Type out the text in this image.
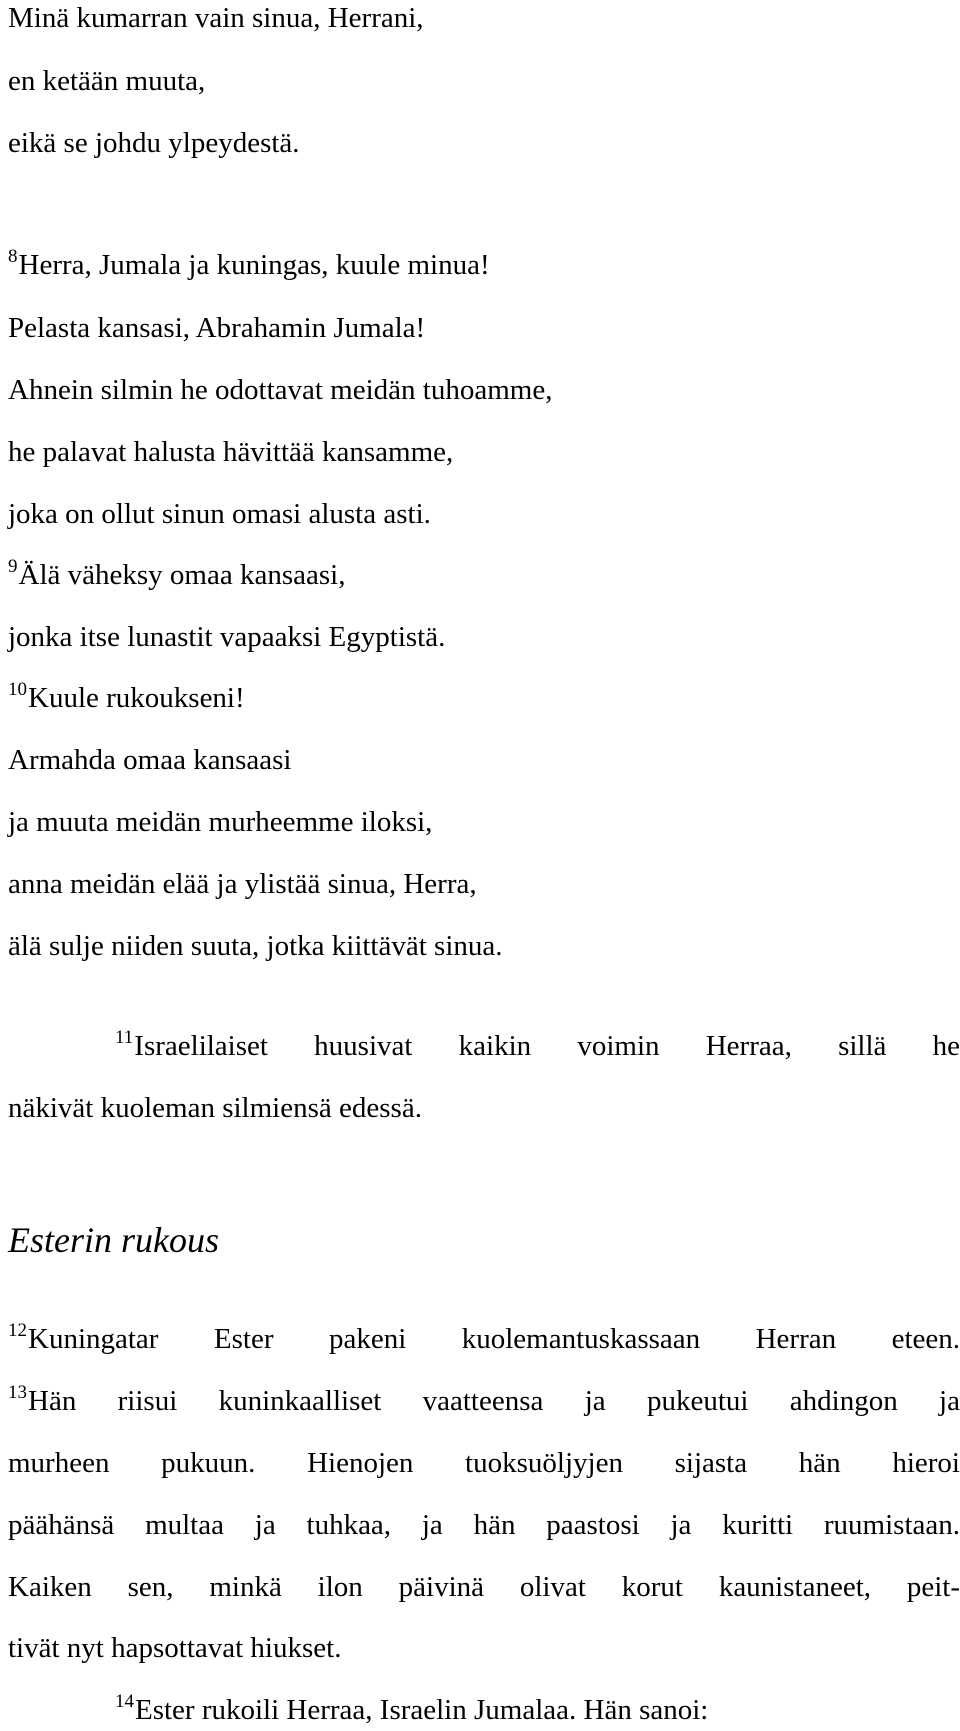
Minä kumarran vain sinua, Herrani,
en ketään muuta,
eikä se johdu ylpeydestä.
$^8$Herra, Jumala ja kuningas, kuule minua!
Pelasta kansasi, Abrahamin Jumala!
Ahnein silmin he odottavat meidän tuhoamme,
he palavat halusta hävittää kansamme,
joka on ollut sinun omasi alusta asti.
$^9$Älä väheksy omaa kansaasi,
jonka itse lunastit vapaaksi Egyptistä.
$^{10}$Kuule rukoukseni!
Armahda omaa kansaasi
ja muuta meidän murheemme iloksi,
anna meidän elää ja ylistää sinua, Herra,
älä sulje niiden suuta, jotka kiittävät sinua.
$^{11}$Israelilaiset huusivat kaikin voimin Herraa, sillä he
näkivät kuoleman silmiensä edessä.
Esterin rukous
$^{12}$Kuningatar Ester pakeni kuolemantuskassaan Herran eteen.
$^{13}$Hän riisui kuninkaalliset vaatteensa ja pukeutui ahdingon ja
murheen pukuun. Hienojen tuoksuöljyjen sijasta hän hieroi
päähänsä multaa ja tuhkaa, ja hän paastosi ja kuritti ruumistaan.
Kaiken sen, minkä ilon päivinä olivat korut kaunistaneet, peit-
tivät nyt hapsottavat hiukset.
$^{14}$Ester rukoili Herraa, Israelin Jumalaa. Hän sanoi:
